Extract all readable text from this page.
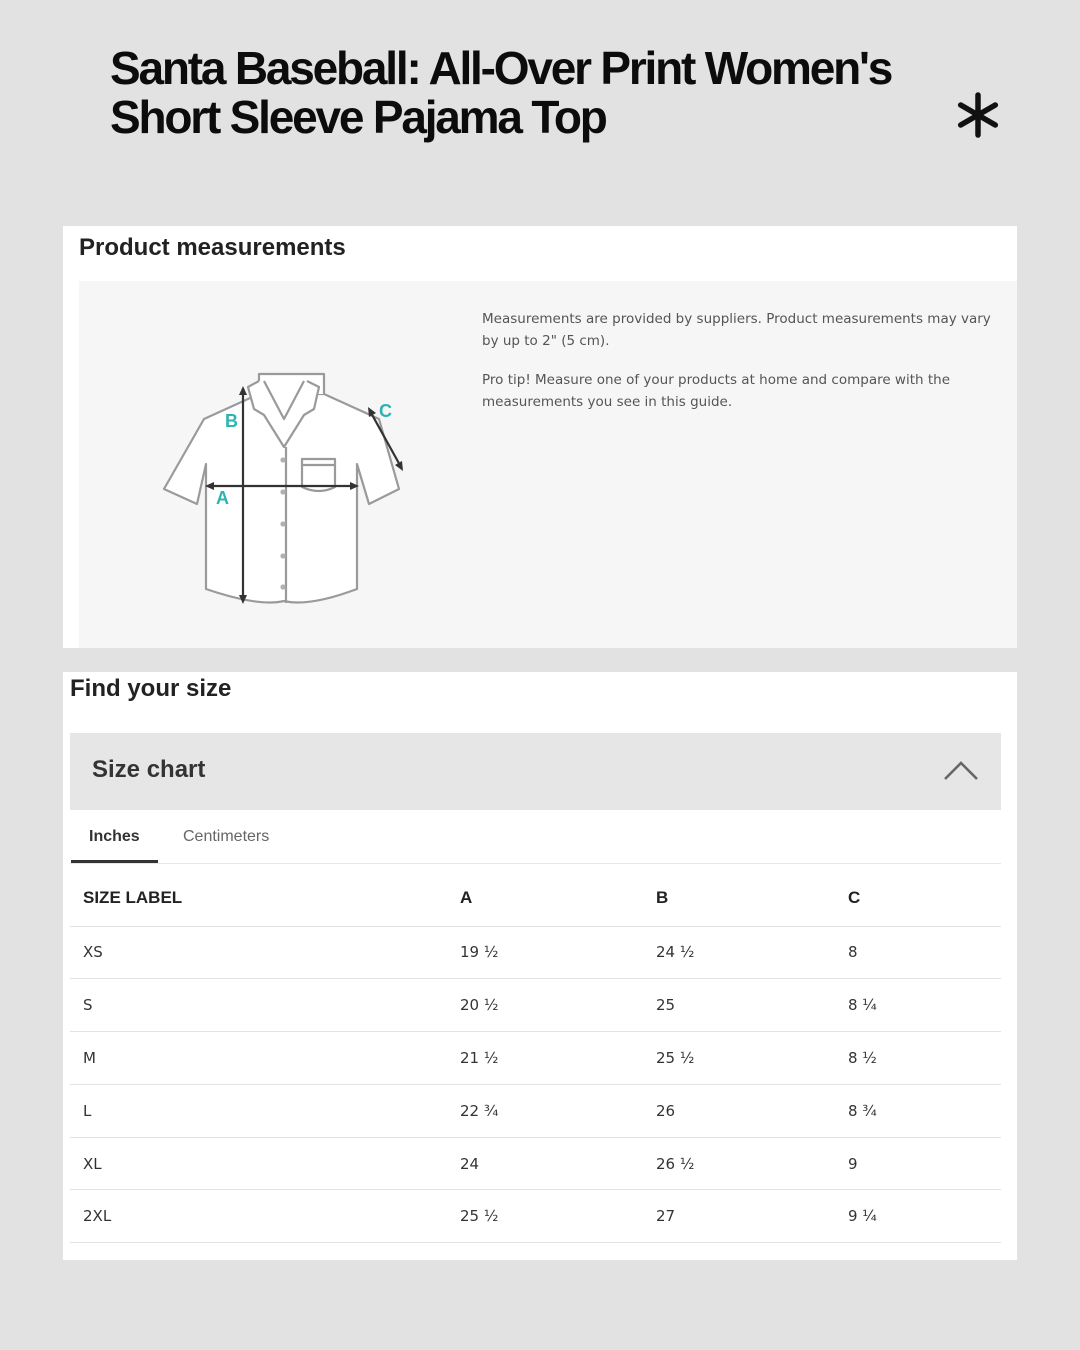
Santa Baseball: All-Over Print Women's Short Sleeve Pajama Top
Product measurements
B
A
C

Measurements are provided by suppliers. Product measurements may vary by up to 2" (5 cm).

Pro tip! Measure one of your products at home and compare with the measurements you see in this guide.

Find your size
Size chart
Inches	Centimeters
SIZE LABEL	A	B	C
XS	19 ½	24 ½	8
S	20 ½	25	8 ¼
M	21 ½	25 ½	8 ½
L	22 ¾	26	8 ¾
XL	24	26 ½	9
2XL	25 ½	27	9 ¼
